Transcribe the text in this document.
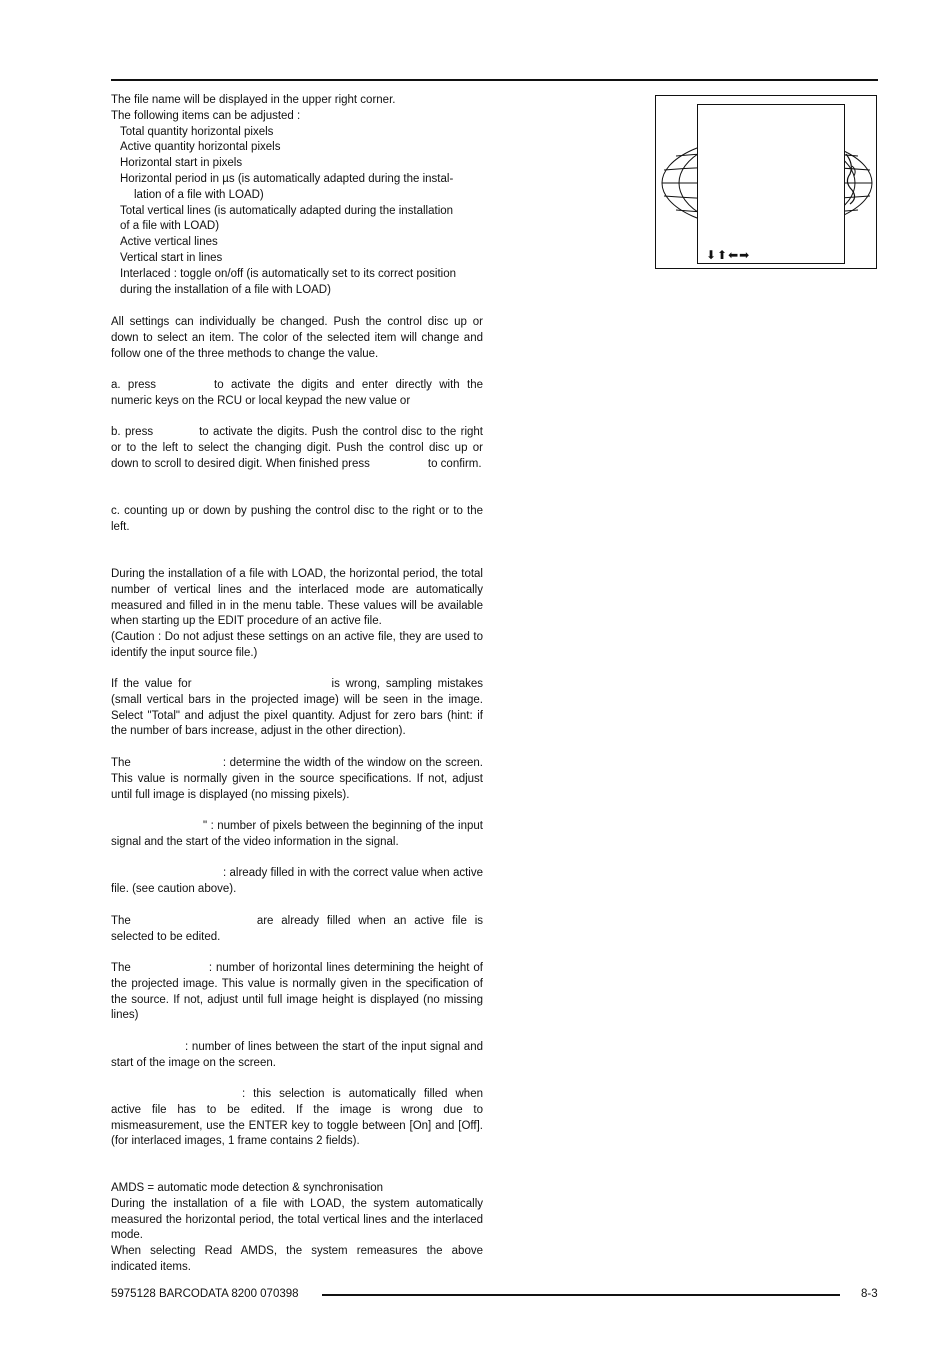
The file name will be displayed in the upper right corner.

The following items can be adjusted :

Total quantity horizontal pixels

Active quantity horizontal pixels

Horizontal start in pixels

Horizontal period in µs (is automatically adapted during the instal-

lation of a file with LOAD)

Total vertical lines (is automatically adapted during the installation

of a file with LOAD)

Active vertical lines

Vertical start in lines

Interlaced : toggle on/off (is automatically set to its correct position

during the installation of a file with LOAD)

All settings can individually be changed. Push the control disc up or down to select an item. The color of the selected item will change and follow one of the three methods to change the value.

a. press	to activate the digits and enter directly with the numeric keys on the RCU or local keypad the new value or

b. press	to activate the digits. Push the control disc to the right or to the left to select the changing digit. Push the control disc up or down to scroll to desired digit. When finished press	to confirm.

c. counting up or down by pushing the control disc to the right or to the left.

During the installation of a file with LOAD, the horizontal period, the total number of vertical lines and the interlaced mode are automatically measured and filled in in the menu table. These values will be available when starting up the EDIT procedure of an active file.

(Caution : Do not adjust these settings on an active file, they are used to identify the input source file.)

If the value for	is wrong, sampling mistakes (small vertical bars in the projected image) will be seen in the image. Select "Total" and adjust the pixel quantity. Adjust for zero bars (hint: if the number of bars increase, adjust in the other direction).

The	: determine the width of the window on the screen. This value is normally given in the source specifications. If not, adjust until full image is displayed (no missing pixels).

" : number of pixels between the beginning of the input signal and the start of the video information in the signal.

: already filled in with the correct value when active file. (see caution above).

The	are already filled when an active file is selected to be edited.

The	: number of horizontal lines determining the height of the projected image. This value is normally given in the specification of the source. If not, adjust until full image height is displayed (no missing lines)

: number of lines between the start of the input signal and start of the image on the screen.

: this selection is automatically filled when active file has to be edited. If the image is wrong due to mismeasurement, use the ENTER key to toggle between [On] and [Off]. (for interlaced images, 1 frame contains 2 fields).

AMDS = automatic mode detection & synchronisation

During the installation of a file with LOAD, the system automatically measured the horizontal period, the total vertical lines and the interlaced mode.

When selecting Read AMDS, the system remeasures the above indicated items.

⬇⬆⬅➡
5975128 BARCODATA 8200 070398	8-3
